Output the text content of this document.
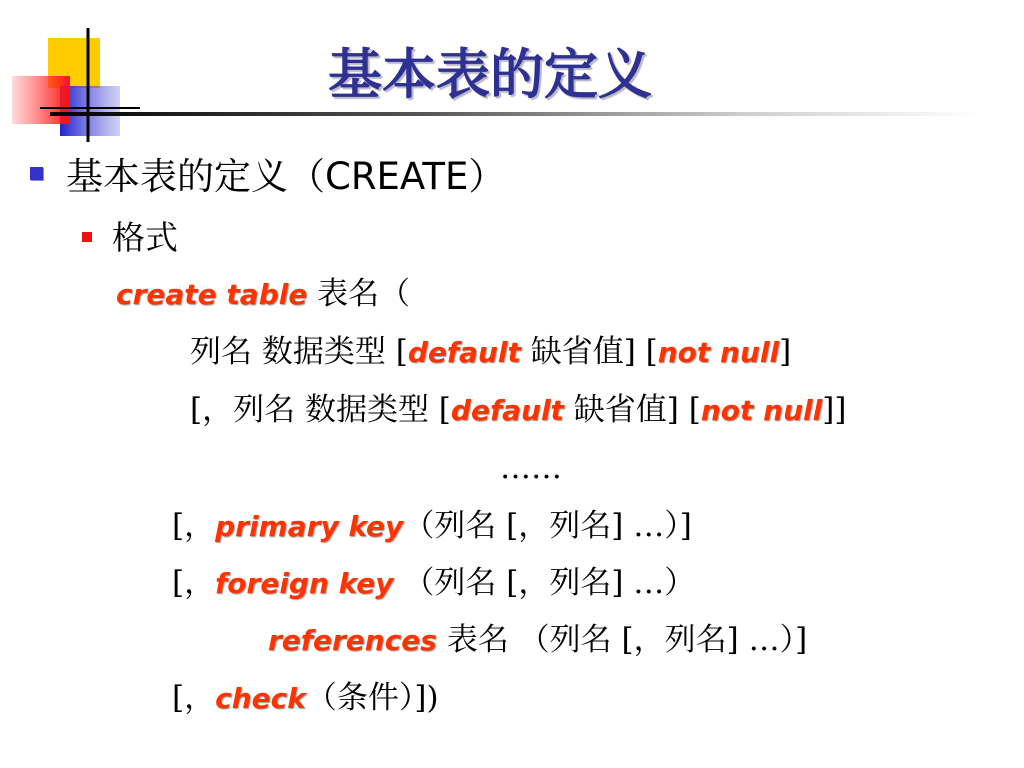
基本表的定义
基本表的定义（CREATE）
格式
create table 表名（
列名 数据类型 [default 缺省值] [not null]
[，列名 数据类型 [default 缺省值] [not null]]
……
[，primary key（列名 [，列名] …）]
[，foreign key （列名 [，列名] …）
references 表名 （列名 [，列名] …）]
[，check（条件）])
